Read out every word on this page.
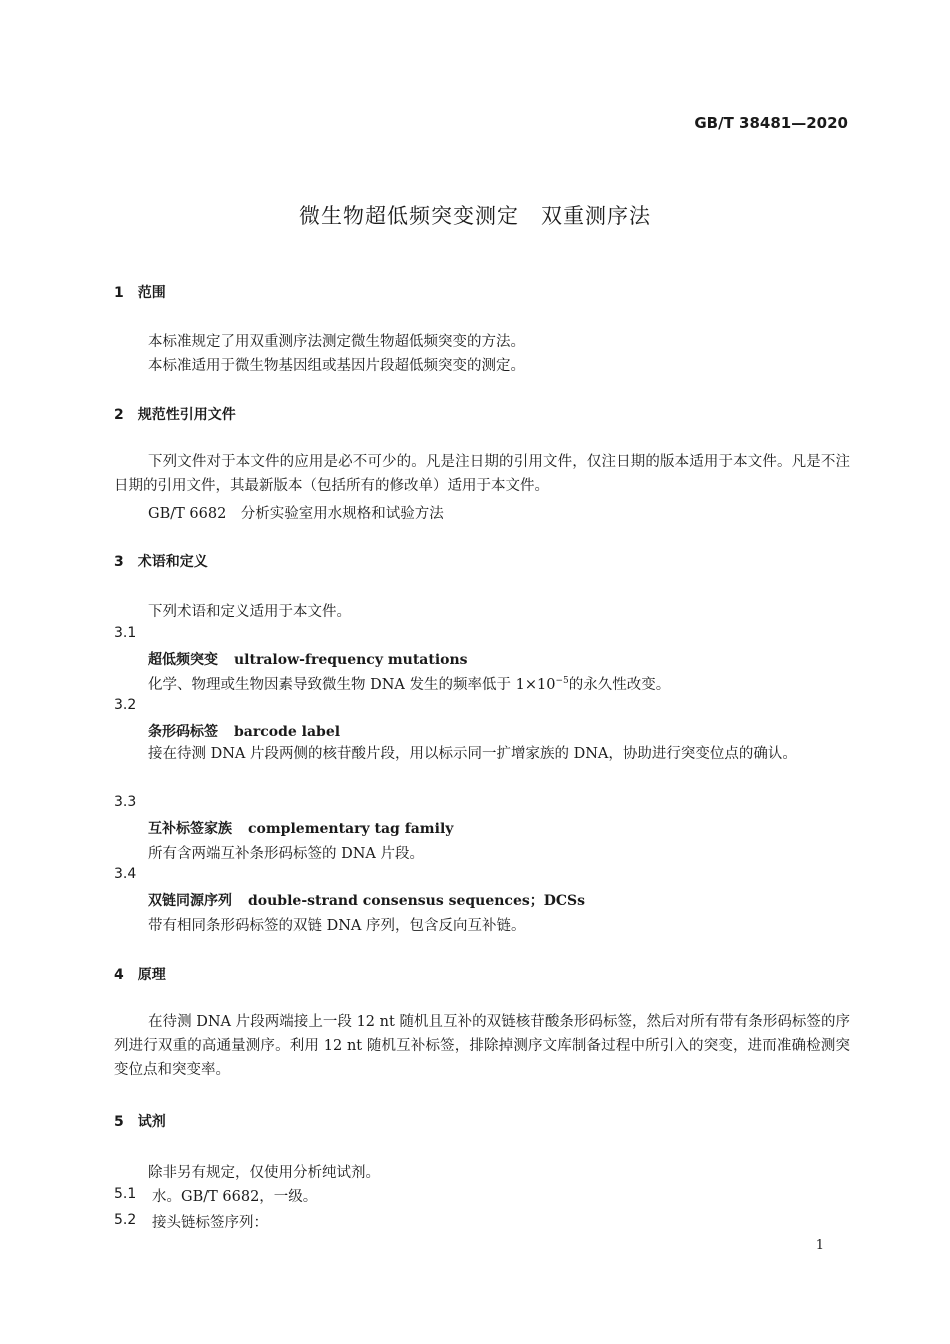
GB/T 38481—2020
微生物超低频突变测定　双重测序法
1　范围
本标准规定了用双重测序法测定微生物超低频突变的方法。
本标准适用于微生物基因组或基因片段超低频突变的测定。
2　规范性引用文件
下列文件对于本文件的应用是必不可少的。凡是注日期的引用文件，仅注日期的版本适用于本文件。凡是不注日期的引用文件，其最新版本（包括所有的修改单）适用于本文件。
GB/T 6682　分析实验室用水规格和试验方法
3　术语和定义
下列术语和定义适用于本文件。
3.1
超低频突变 ultralow-frequency mutations
化学、物理或生物因素导致微生物 DNA 发生的频率低于 $1\times 10^{-5}$的永久性改变。
3.2
条形码标签 barcode label
接在待测 DNA 片段两侧的核苷酸片段，用以标示同一扩增家族的 DNA，协助进行突变位点的确认。
3.3
互补标签家族 complementary tag family
所有含两端互补条形码标签的 DNA 片段。
3.4
双链同源序列 double-strand consensus sequences；DCSs
带有相同条形码标签的双链 DNA 序列，包含反向互补链。
4　原理
在待测 DNA 片段两端接上一段 12 nt 随机且互补的双链核苷酸条形码标签，然后对所有带有条形码标签的序列进行双重的高通量测序。利用 12 nt 随机互补标签，排除掉测序文库制备过程中所引入的突变，进而准确检测突变位点和突变率。
5　试剂
除非另有规定，仅使用分析纯试剂。
5.1 水。GB/T 6682，一级。
5.2 接头链标签序列：
1
